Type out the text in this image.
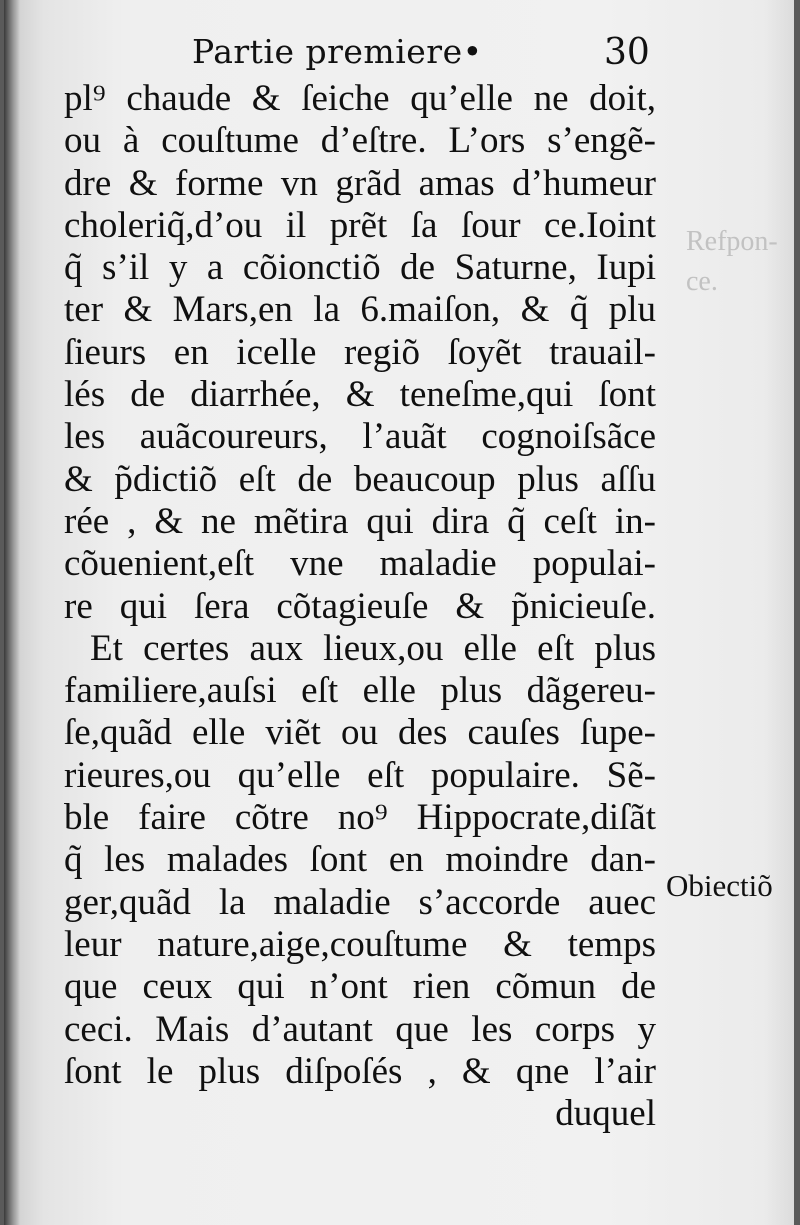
Partie premiere•	30
Refpon-
ce.
pl⁹ chaude & ſeiche qu’elle ne doit,
ou à couſtume d’eſtre. L’ors s’engẽ-
dre & forme vn grãd amas d’humeur
choleriq̃,d’ou il prẽt ſa ſour ce.Ioint
q̃ s’il y a cõionctiõ de Saturne, Iupi
ter & Mars,en la 6.maiſon, & q̃ plu
ſieurs en icelle regiõ ſoyẽt trauail-
lés de diarrhée, & teneſme,qui ſont
les auãcoureurs, l’auãt cognoiſsãce
& p̃dictiõ eſt de beaucoup plus aſſu
rée , & ne mẽtira qui dira q̃ ceſt in-
cõuenient,eſt vne maladie populai-
re qui ſera cõtagieuſe & p̃nicieuſe.
Et certes aux lieux,ou elle eſt plus
familiere,auſsi eſt elle plus dãgereu-
ſe,quãd elle viẽt ou des cauſes ſupe-
rieures,ou qu’elle eſt populaire. Sẽ-
ble faire cõtre no⁹ Hippocrate,diſãt
q̃ les malades ſont en moindre dan-
ger,quãd la maladie s’accorde auec
leur nature,aige,couſtume & temps
que ceux qui n’ont rien cõmun de
ceci. Mais d’autant que les corps y
ſont le plus diſpoſés , & qne l’air
duquel
Obiectiõ
